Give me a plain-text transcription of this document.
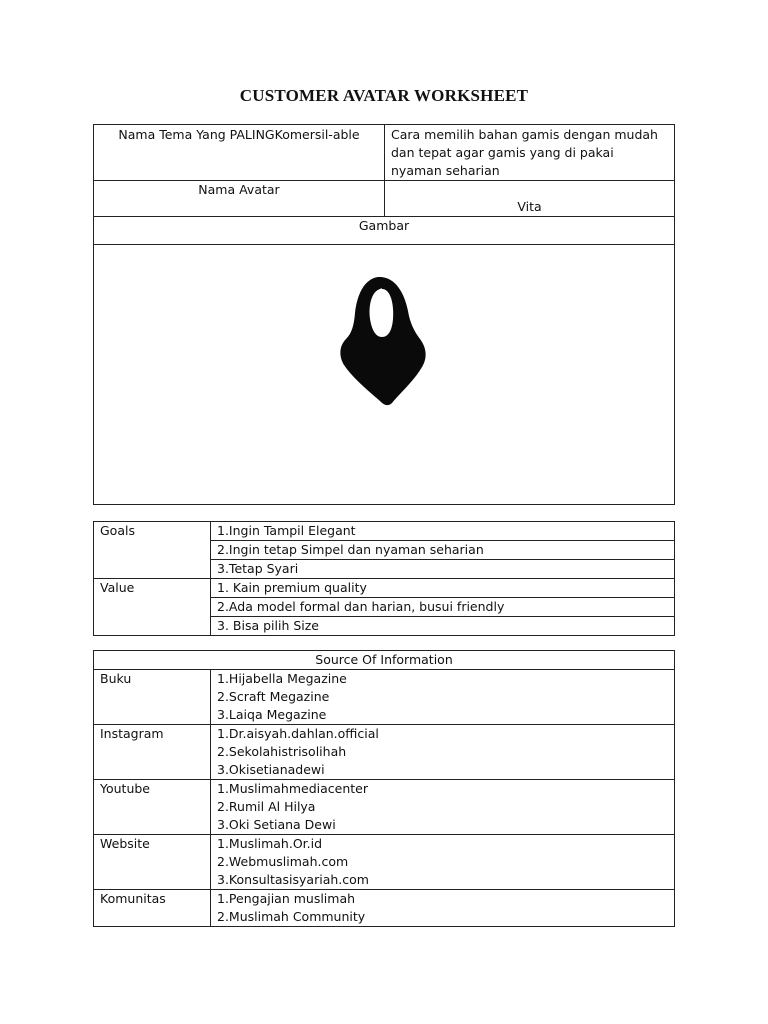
CUSTOMER AVATAR WORKSHEET
Nama Tema Yang PALINGKomersil-able	Cara memilih bahan gamis dengan mudah dan tepat agar gamis yang di pakai nyaman seharian
Nama Avatar	Vita
Gambar	

Goals	1.Ingin Tampil Elegant
	2.Ingin tetap Simpel dan nyaman seharian
	3.Tetap Syari
Value	1. Kain premium quality
	2.Ada model formal dan harian, busui friendly
	3. Bisa pilih Size
Source Of Information	
Buku	1.Hijabella Megazine
2.Scraft Megazine
3.Laiqa Megazine

Instagram	1.Dr.aisyah.dahlan.official
2.Sekolahistrisolihah
3.Okisetianadewi

Youtube	1.Muslimahmediacenter
2.Rumil Al Hilya
3.Oki Setiana Dewi

Website	1.Muslimah.Or.id
2.Webmuslimah.com
3.Konsultasisyariah.com

Komunitas	1.Pengajian muslimah
2.Muslimah Community
